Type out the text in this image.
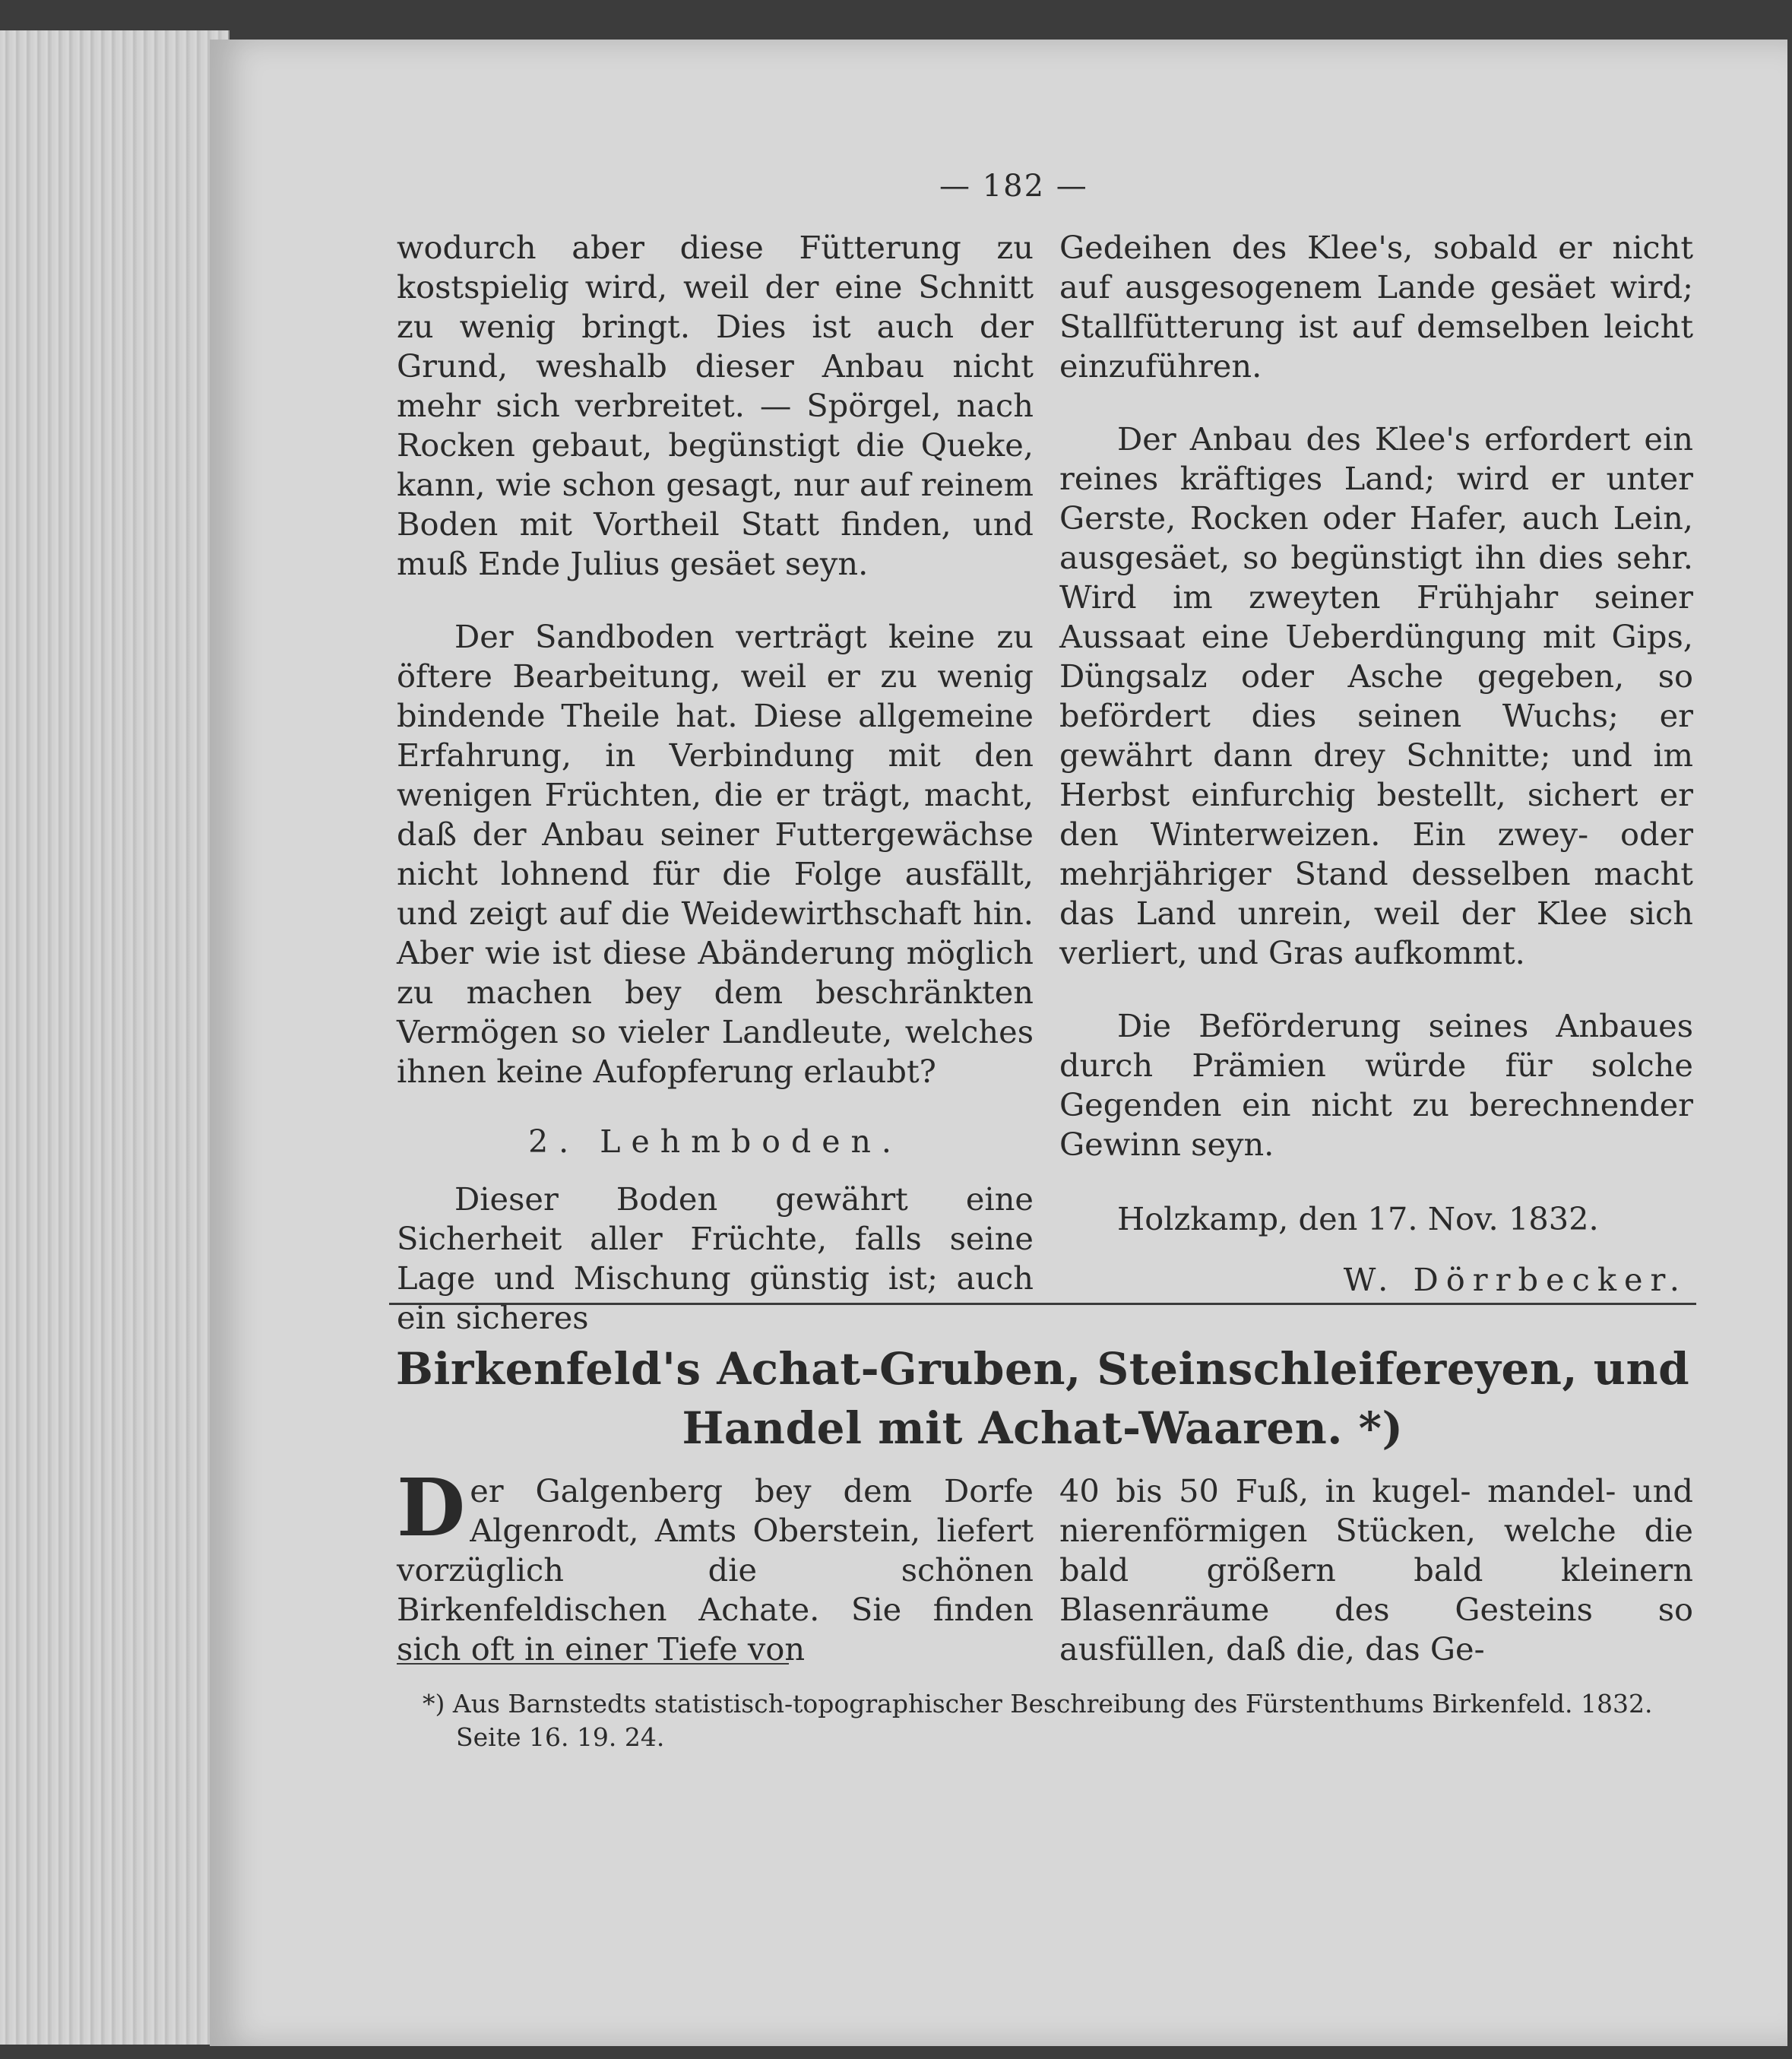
— 182 —

wodurch aber diese Fütterung zu kostspielig wird, weil der eine Schnitt zu wenig bringt. Dies ist auch der Grund, weshalb dieser Anbau nicht mehr sich verbreitet. — Spörgel, nach Rocken gebaut, begünstigt die Queke, kann, wie schon gesagt, nur auf reinem Boden mit Vortheil Statt finden, und muß Ende Julius gesäet seyn.

Der Sandboden verträgt keine zu öftere Bearbeitung, weil er zu wenig bindende Theile hat. Diese allgemeine Erfahrung, in Verbindung mit den wenigen Früchten, die er trägt, macht, daß der Anbau seiner Futtergewächse nicht lohnend für die Folge ausfällt, und zeigt auf die Weidewirthschaft hin. Aber wie ist diese Abänderung möglich zu machen bey dem beschränkten Vermögen so vieler Landleute, welches ihnen keine Aufopferung erlaubt?

2. Lehmboden.

Dieser Boden gewährt eine Sicherheit aller Früchte, falls seine Lage und Mischung günstig ist; auch ein sicheres

Gedeihen des Klee's, sobald er nicht auf ausgesogenem Lande gesäet wird; Stallfütterung ist auf demselben leicht einzuführen.

Der Anbau des Klee's erfordert ein reines kräftiges Land; wird er unter Gerste, Rocken oder Hafer, auch Lein, ausgesäet, so begünstigt ihn dies sehr. Wird im zweyten Frühjahr seiner Aussaat eine Ueberdüngung mit Gips, Düngsalz oder Asche gegeben, so befördert dies seinen Wuchs; er gewährt dann drey Schnitte; und im Herbst einfurchig bestellt, sichert er den Winterweizen. Ein zwey- oder mehrjähriger Stand desselben macht das Land unrein, weil der Klee sich verliert, und Gras aufkommt.

Die Beförderung seines Anbaues durch Prämien würde für solche Gegenden ein nicht zu berechnender Gewinn seyn.

Holzkamp, den 17. Nov. 1832.
W. Dörrbecker.
Birkenfeld's Achat-Gruben, Steinschleifereyen, und Handel mit Achat-Waaren. *)

Der Galgenberg bey dem Dorfe Algenrodt, Amts Oberstein, liefert vorzüglich die schönen Birkenfeldischen Achate. Sie finden sich oft in einer Tiefe von

40 bis 50 Fuß, in kugel- mandel- und nierenförmigen Stücken, welche die bald größern bald kleinern Blasenräume des Gesteins so ausfüllen, daß die, das Ge-

*) Aus Barnstedts statistisch-topographischer Beschreibung des Fürstenthums Birkenfeld. 1832.
Seite 16. 19. 24.
